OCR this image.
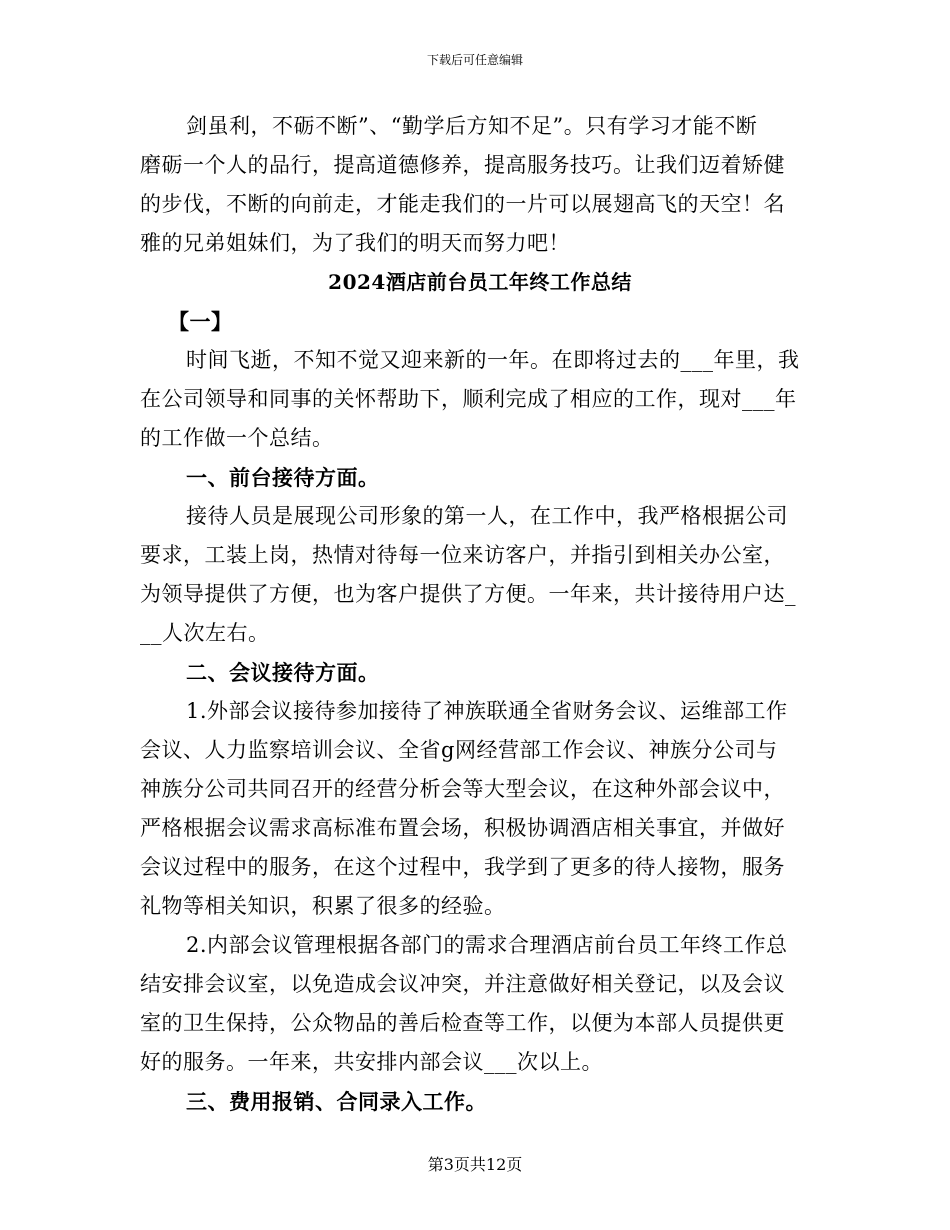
下载后可任意编辑
剑虽利，不砺不断”、“勤学后方知不足”。只有学习才能不断
磨砺一个人的品行，提高道德修养，提高服务技巧。让我们迈着矫健
的步伐，不断的向前走，才能走我们的一片可以展翅高飞的天空！名
雅的兄弟姐妹们，为了我们的明天而努力吧！
2024酒店前台员工年终工作总结
【一】
时间飞逝，不知不觉又迎来新的一年。在即将过去的___年里，我
在公司领导和同事的关怀帮助下，顺利完成了相应的工作，现对___年
的工作做一个总结。
一、前台接待方面。
接待人员是展现公司形象的第一人，在工作中，我严格根据公司
要求，工装上岗，热情对待每一位来访客户，并指引到相关办公室，
为领导提供了方便，也为客户提供了方便。一年来，共计接待用户达_
__人次左右。
二、会议接待方面。
1.外部会议接待参加接待了神族联通全省财务会议、运维部工作
会议、人力监察培训会议、全省g网经营部工作会议、神族分公司与
神族分公司共同召开的经营分析会等大型会议，在这种外部会议中，
严格根据会议需求高标准布置会场，积极协调酒店相关事宜，并做好
会议过程中的服务，在这个过程中，我学到了更多的待人接物，服务
礼物等相关知识，积累了很多的经验。
2.内部会议管理根据各部门的需求合理酒店前台员工年终工作总
结安排会议室，以免造成会议冲突，并注意做好相关登记，以及会议
室的卫生保持，公众物品的善后检查等工作，以便为本部人员提供更
好的服务。一年来，共安排内部会议___次以上。
三、费用报销、合同录入工作。
第3页共12页
